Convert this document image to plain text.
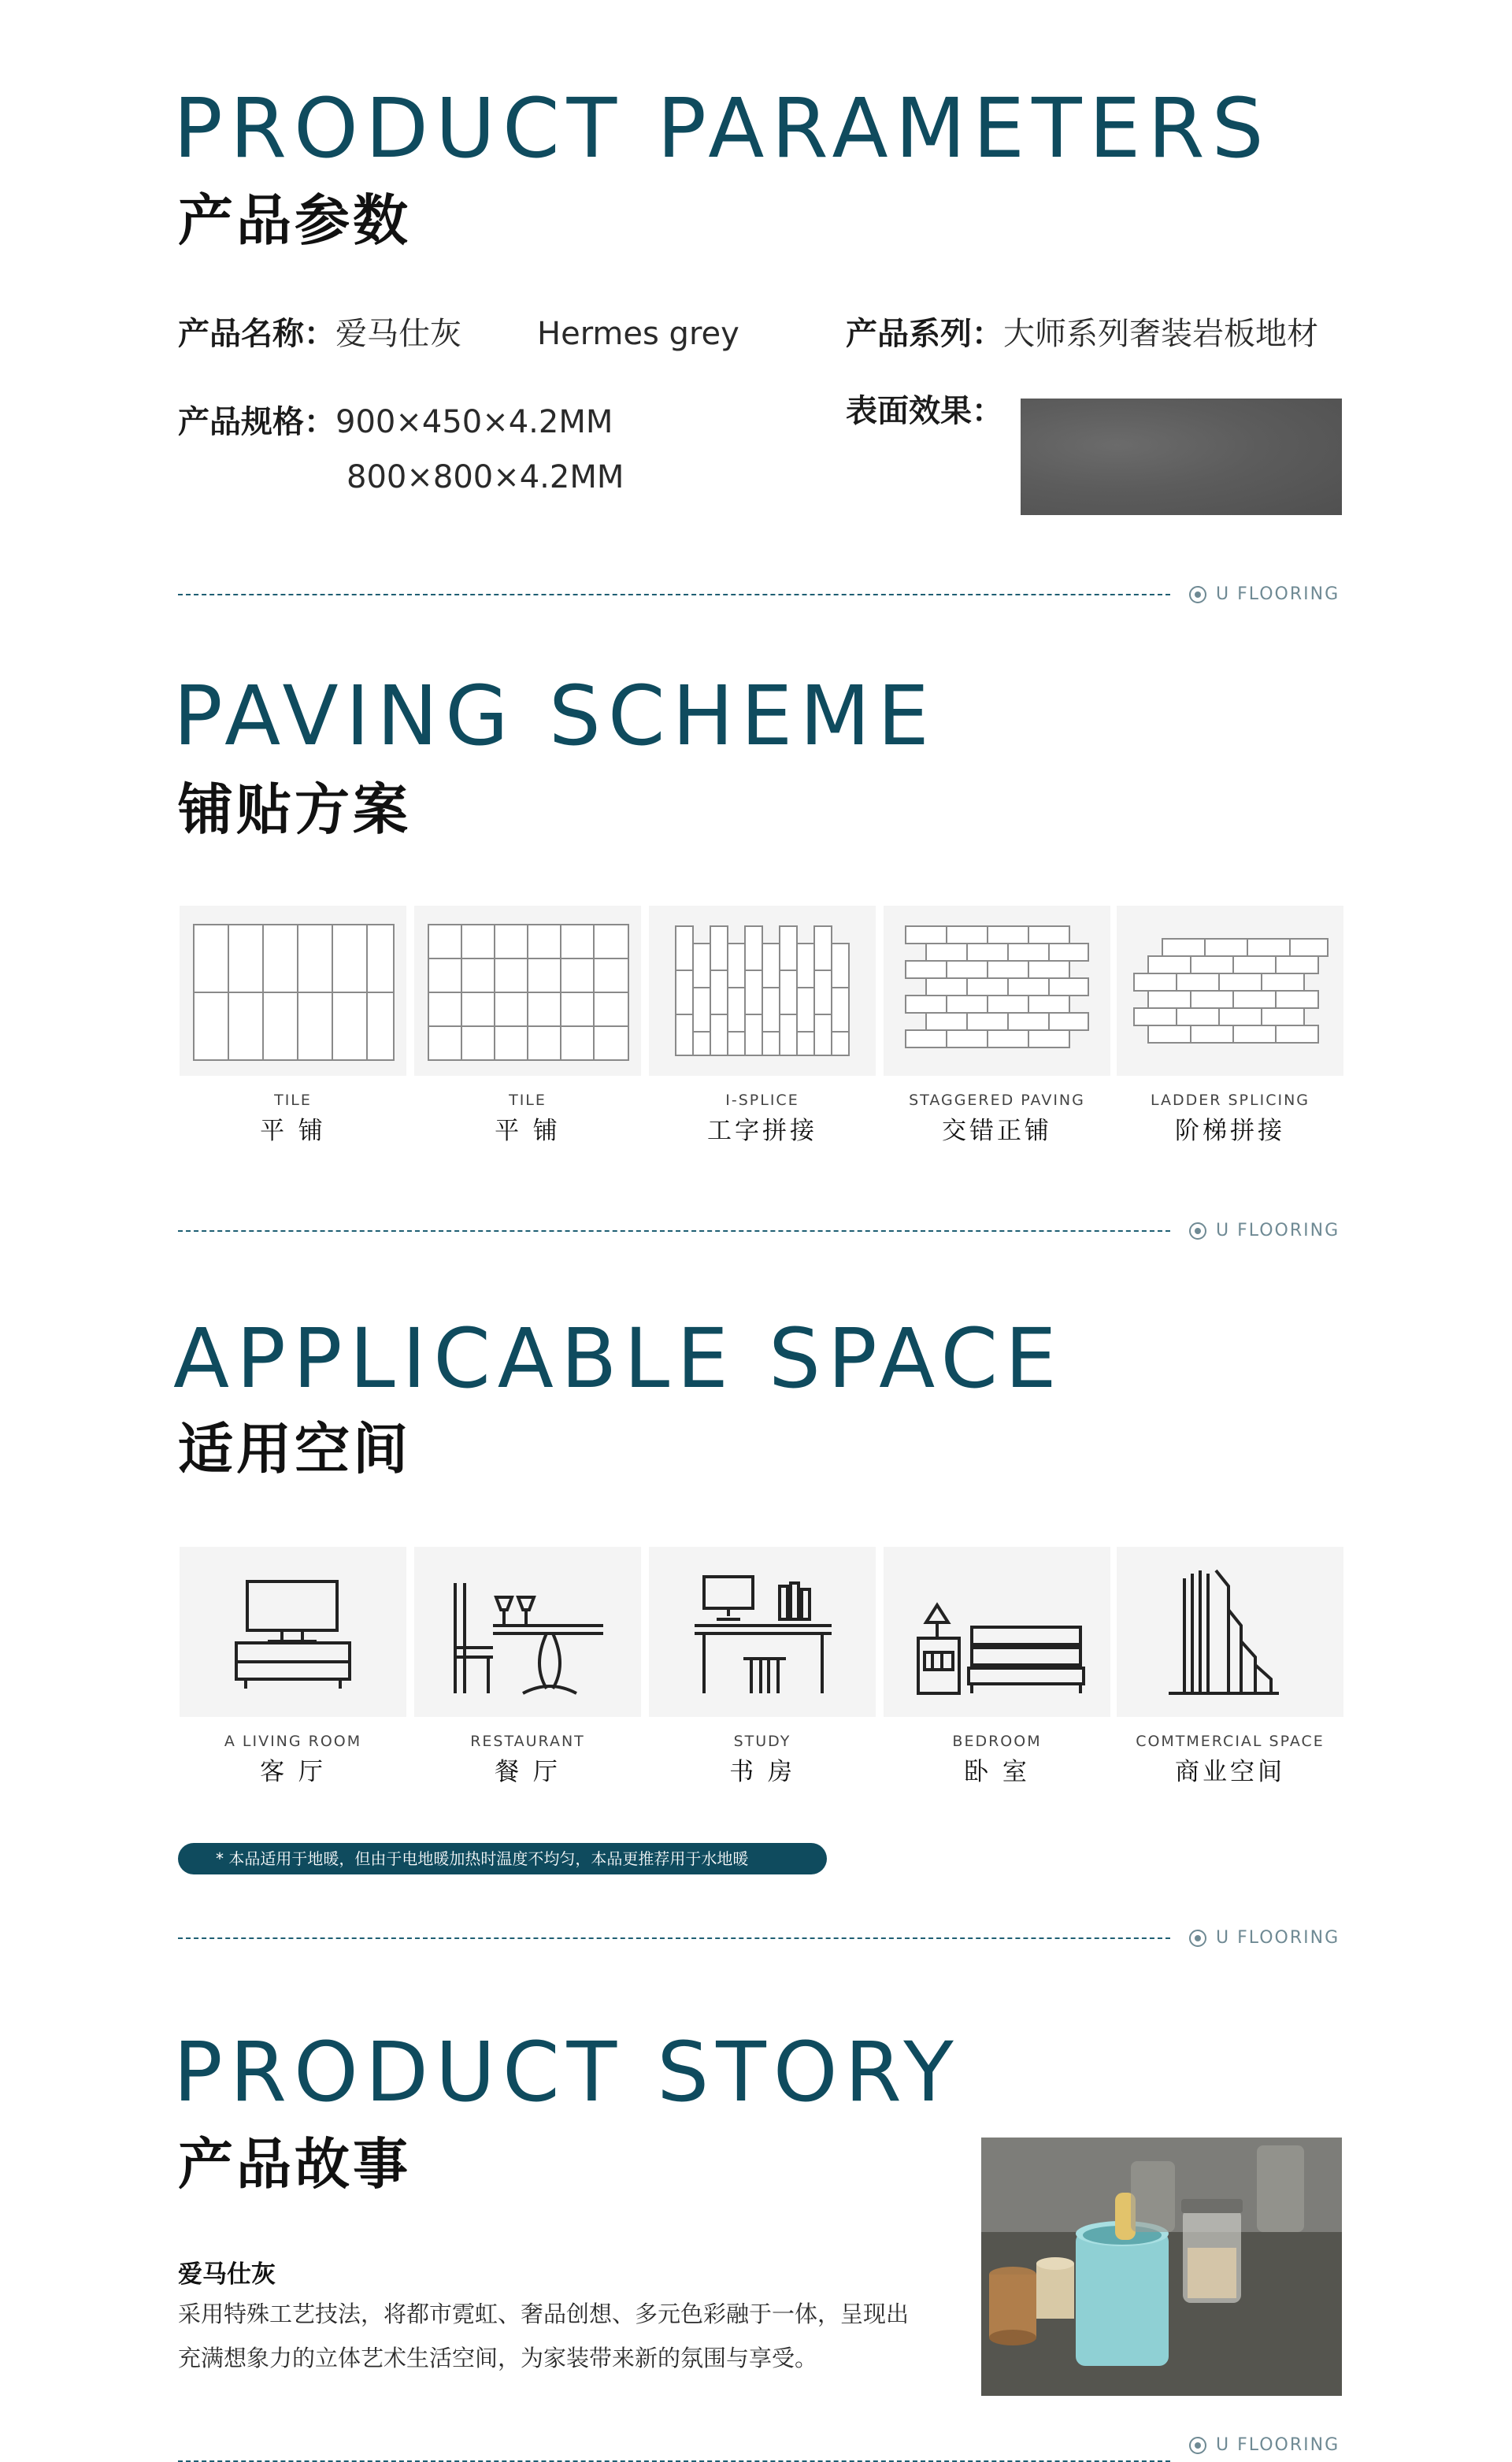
PRODUCT PARAMETERS
产品参数
产品名称：爱马仕灰 Hermes grey	产品系列：大师系列奢装岩板地材
产品规格：900×450×4.2MM
800×800×4.2MM
表面效果：
U FLOORING
PAVING SCHEME
铺贴方案
TILE
平 铺
TILE
平 铺
I-SPLICE
工字拼接
STAGGERED PAVING
交错正铺
LADDER SPLICING
阶梯拼接
U FLOORING
APPLICABLE SPACE
适用空间
A LIVING ROOM
客 厅
RESTAURANT
餐 厅
STUDY
书 房
BEDROOM
卧 室
COMTMERCIAL SPACE
商业空间
* 本品适用于地暖，但由于电地暖加热时温度不均匀，本品更推荐用于水地暖
U FLOORING
PRODUCT STORY
产品故事
爱马仕灰
采用特殊工艺技法，将都市霓虹、奢品创想、多元色彩融于一体，呈现出充满想象力的立体艺术生活空间，为家装带来新的氛围与享受。
U FLOORING
